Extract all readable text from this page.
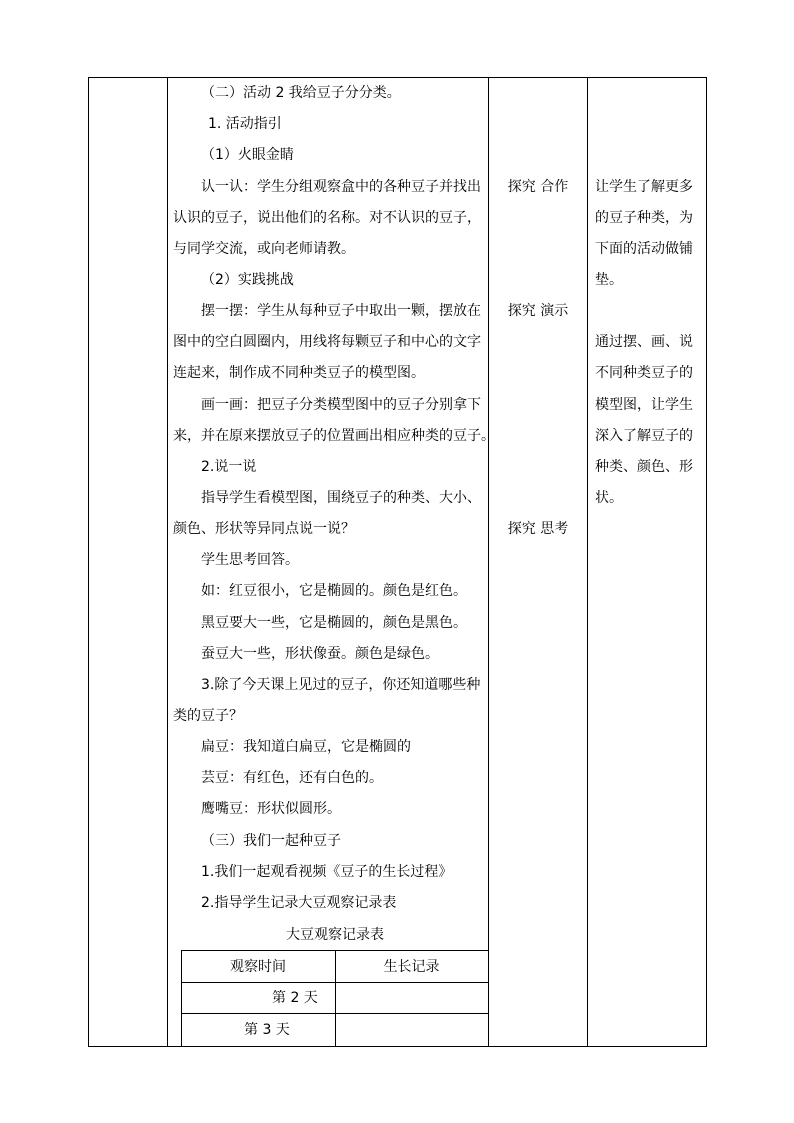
（二）活动 2 我给豆子分分类。
1. 活动指引
（1）火眼金睛
认一认：学生分组观察盒中的各种豆子并找出
认识的豆子，说出他们的名称。对不认识的豆子，
与同学交流，或向老师请教。
（2）实践挑战
摆一摆：学生从每种豆子中取出一颗，摆放在
图中的空白圆圈内，用线将每颗豆子和中心的文字
连起来，制作成不同种类豆子的模型图。
画一画：把豆子分类模型图中的豆子分别拿下
来，并在原来摆放豆子的位置画出相应种类的豆子。
2.说一说
指导学生看模型图，围绕豆子的种类、大小、
颜色、形状等异同点说一说？
学生思考回答。
如：红豆很小，它是椭圆的。颜色是红色。
黑豆要大一些，它是椭圆的，颜色是黑色。
蚕豆大一些，形状像蚕。颜色是绿色。
3.除了今天课上见过的豆子，你还知道哪些种
类的豆子？
扁豆：我知道白扁豆，它是椭圆的
芸豆：有红色，还有白色的。
鹰嘴豆：形状似圆形。
（三）我们一起种豆子
1.我们一起观看视频《豆子的生长过程》
2.指导学生记录大豆观察记录表
探究 合作
探究 演示
探究 思考
让学生了解更多
的豆子种类，为
下面的活动做铺
垫。
通过摆、画、说
不同种类豆子的
模型图，让学生
深入了解豆子的
种类、颜色、形
状。
大豆观察记录表
观察时间	生长记录
第 2 天
第 3 天
